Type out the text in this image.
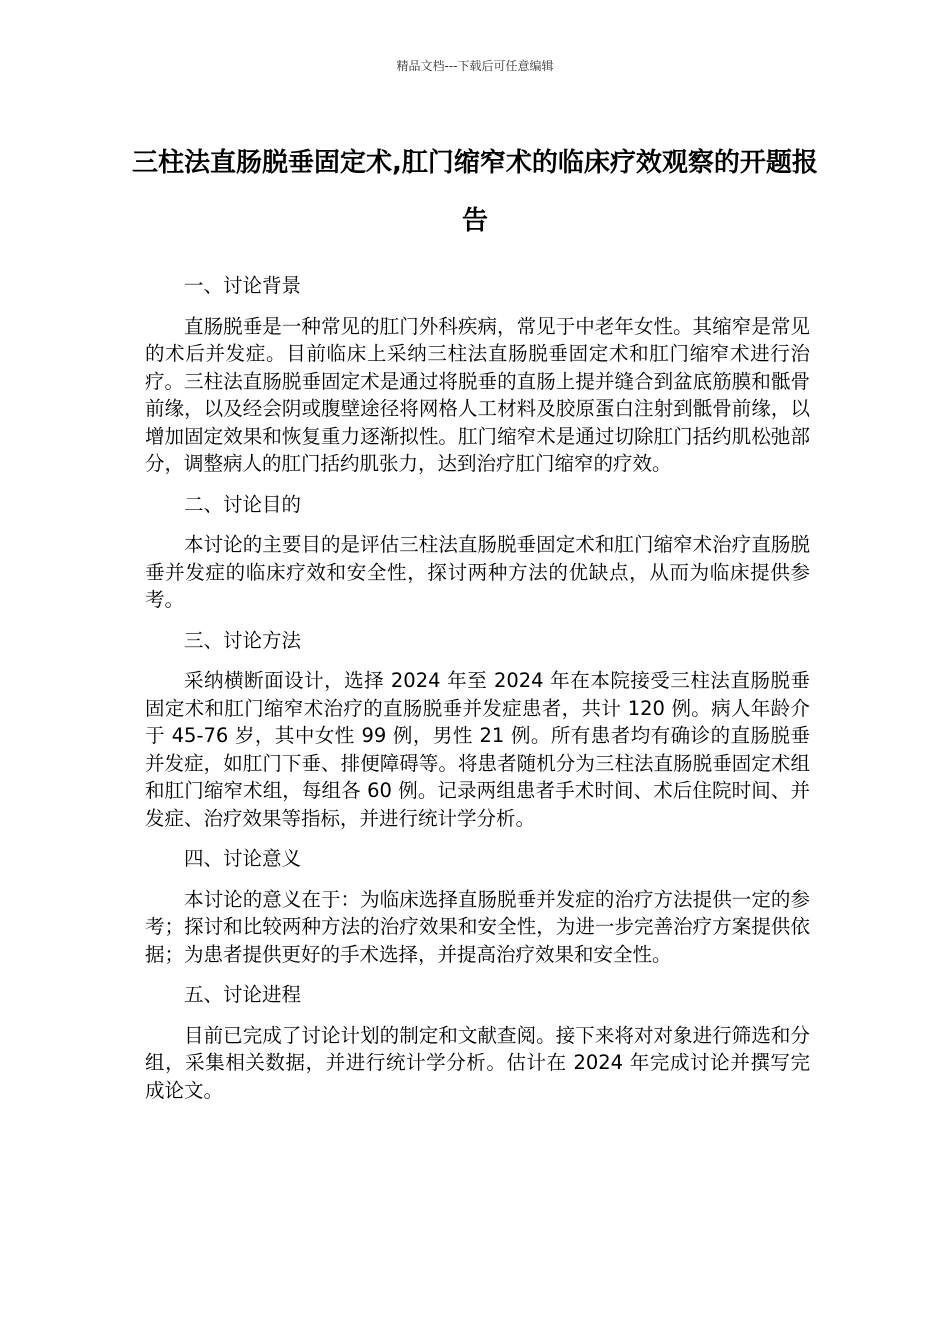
精品文档---下载后可任意编辑
三柱法直肠脱垂固定术,肛门缩窄术的临床疗效观察的开题报告
一、讨论背景

直肠脱垂是一种常见的肛门外科疾病，常见于中老年女性。其缩窄是常见的术后并发症。目前临床上采纳三柱法直肠脱垂固定术和肛门缩窄术进行治疗。三柱法直肠脱垂固定术是通过将脱垂的直肠上提并缝合到盆底筋膜和骶骨前缘，以及经会阴或腹壁途径将网格人工材料及胶原蛋白注射到骶骨前缘，以增加固定效果和恢复重力逐渐拟性。肛门缩窄术是通过切除肛门括约肌松弛部分，调整病人的肛门括约肌张力，达到治疗肛门缩窄的疗效。

二、讨论目的

本讨论的主要目的是评估三柱法直肠脱垂固定术和肛门缩窄术治疗直肠脱垂并发症的临床疗效和安全性，探讨两种方法的优缺点，从而为临床提供参考。

三、讨论方法

采纳横断面设计，选择 2024 年至 2024 年在本院接受三柱法直肠脱垂固定术和肛门缩窄术治疗的直肠脱垂并发症患者，共计 120 例。病人年龄介于 45-76 岁，其中女性 99 例，男性 21 例。所有患者均有确诊的直肠脱垂并发症，如肛门下垂、排便障碍等。将患者随机分为三柱法直肠脱垂固定术组和肛门缩窄术组，每组各 60 例。记录两组患者手术时间、术后住院时间、并发症、治疗效果等指标，并进行统计学分析。

四、讨论意义

本讨论的意义在于：为临床选择直肠脱垂并发症的治疗方法提供一定的参考；探讨和比较两种方法的治疗效果和安全性，为进一步完善治疗方案提供依据；为患者提供更好的手术选择，并提高治疗效果和安全性。

五、讨论进程

目前已完成了讨论计划的制定和文献查阅。接下来将对对象进行筛选和分组，采集相关数据，并进行统计学分析。估计在 2024 年完成讨论并撰写完成论文。
